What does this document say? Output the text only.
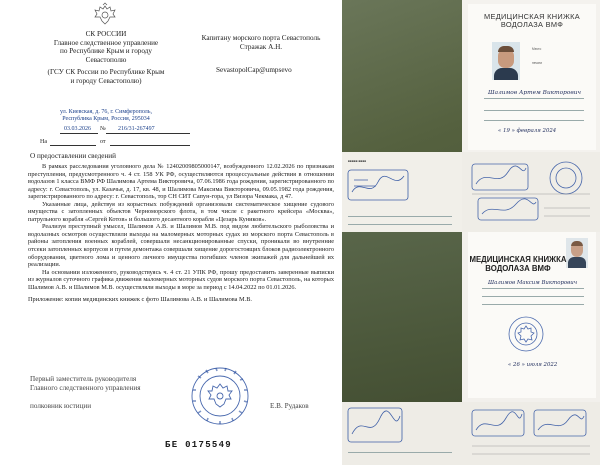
СК РОССИИ
Главное следственное управление
по Республике Крым и городу
Севастополю
(ГСУ СК России по Республике Крым
и городу Севастополю)
ул. Киевская, д. 76, г. Симферополь,
Республика Крым, Россия, 295034
03.03.2026	№ 216/31-267497
На	от
Капитану морского порта Севастополь
Стражак А.Н.
SevastopolCap@umpsevo
О предоставлении сведений

В рамках расследования уголовного дела № 12402009805000147, возбужденного 12.02.2026 по признакам преступления, предусмотренного ч. 4 ст. 158 УК РФ, осуществляются процессуальные действия в отношении водолазов 1 класса ВМФ РФ Шалимова Артема Викторовича, 07.06.1986 года рождения, зарегистрированного по адресу: г. Севастополь, ул. Казачья, д. 17, кв. 48, и Шалимова Максима Викторовича, 09.05.1982 года рождения, зарегистрированного по адресу: г. Севастополь, тор СН СИТ Сапун-гора, ул Визора Чекмака, д 47.

Указанные лица, действуя из корыстных побуждений организовали систематическое хищение судового имущества с затопленных объектов Черноморского флота, в том числе с ракетного крейсера «Москва», патрульного корабля «Сергей Котов» и большого десантного корабля «Цезарь Куников».

Реализуя преступный умысел, Шалимов А.В. и Шалимов М.В. под видом любительского рыболовства и водолазных осмотров осуществляли выходы на маломерных моторных судах из морского порта Севастополь в районы затопления военных кораблей, совершали несанкционированные спуски, проникали во внутренние отсеки затопленных корпусов и путем демонтажа совершали хищение дорогостоящих блоков радиоэлектронного оборудования, цветного лома и ценного личного имущества погибших членов экипажей для дальнейшей их реализации.

На основании изложенного, руководствуясь ч. 4 ст. 21 УПК РФ, прошу предоставить заверенные выписки из журналов суточного графика движения маломерных моторных судов морского порта Севастополь, на которых Шалимов А.В. и Шалимов М.В. осуществляли выходы в море за период с 14.04.2022 по 01.01.2026.

Приложение: копии медицинских книжек с фото Шалимова А.В. и Шалимова М.В.

Первый заместитель руководителя
Главного следственного управления
полковник юстиции	Е.В. Рудаков
БЕ 0175549
■■■■■ ■■■■
МЕДИЦИНСКАЯ КНИЖКА
ВОДОЛАЗА ВМФ
Место
печати
Шалимов Артем Викторович
« 19 » февраля 2024
МЕДИЦИНСКАЯ КНИЖКА
ВОДОЛАЗА ВМФ
Шалимов Максим Викторович
« 26 » июля 2022
